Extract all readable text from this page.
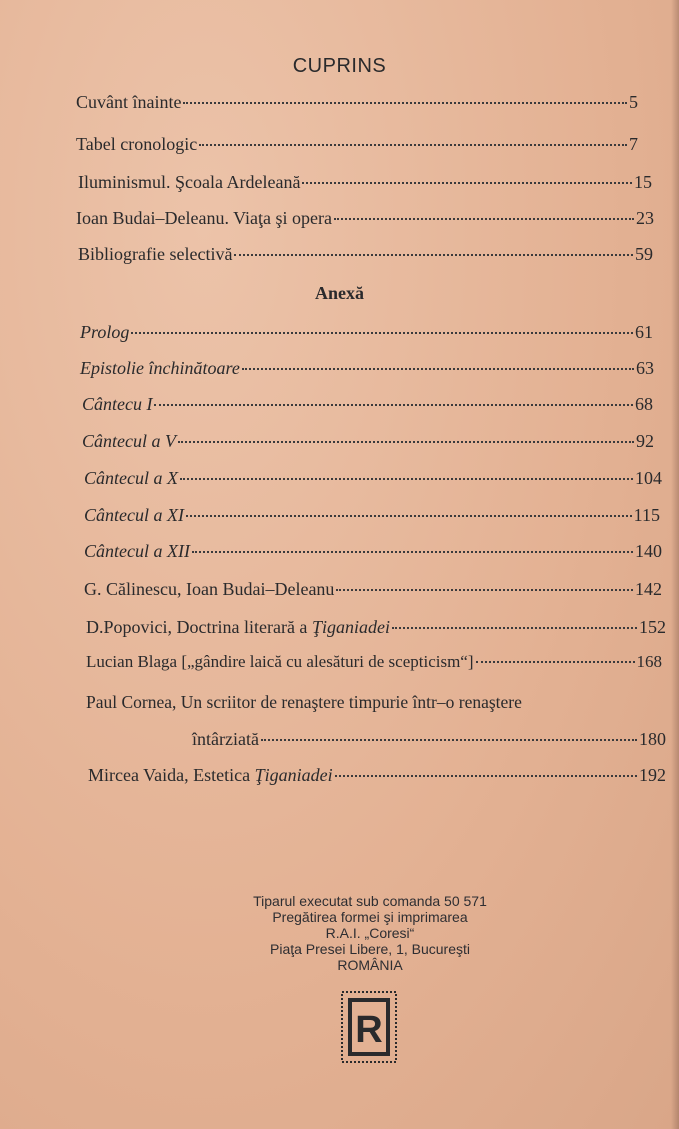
CUPRINS
Cuvânt înainte	5
Tabel cronologic	7
Iluminismul. Şcoala Ardeleană	15
Ioan Budai–Deleanu. Viaţa şi opera	23
Bibliografie selectivă	59
Anexă
Prolog	61
Epistolie închinătoare	63
Cântecu I	68
Cântecul a V	92
Cântecul a X	104
Cântecul a XI	115
Cântecul a XII	140
G. Călinescu, Ioan Budai–Deleanu	142
D.Popovici, Doctrina literară a Ţiganiadei	152
Lucian Blaga [„gândire laică cu alesături de scepticism“]	168
Paul Cornea, Un scriitor de renaştere timpurie într–o renaştere
întârziată	180
Mircea Vaida, Estetica Ţiganiadei	192
Tiparul executat sub comanda 50 571
Pregătirea formei şi imprimarea
R.A.I. „Coresi“
Piaţa Presei Libere, 1, Bucureşti
ROMÂNIA
R
